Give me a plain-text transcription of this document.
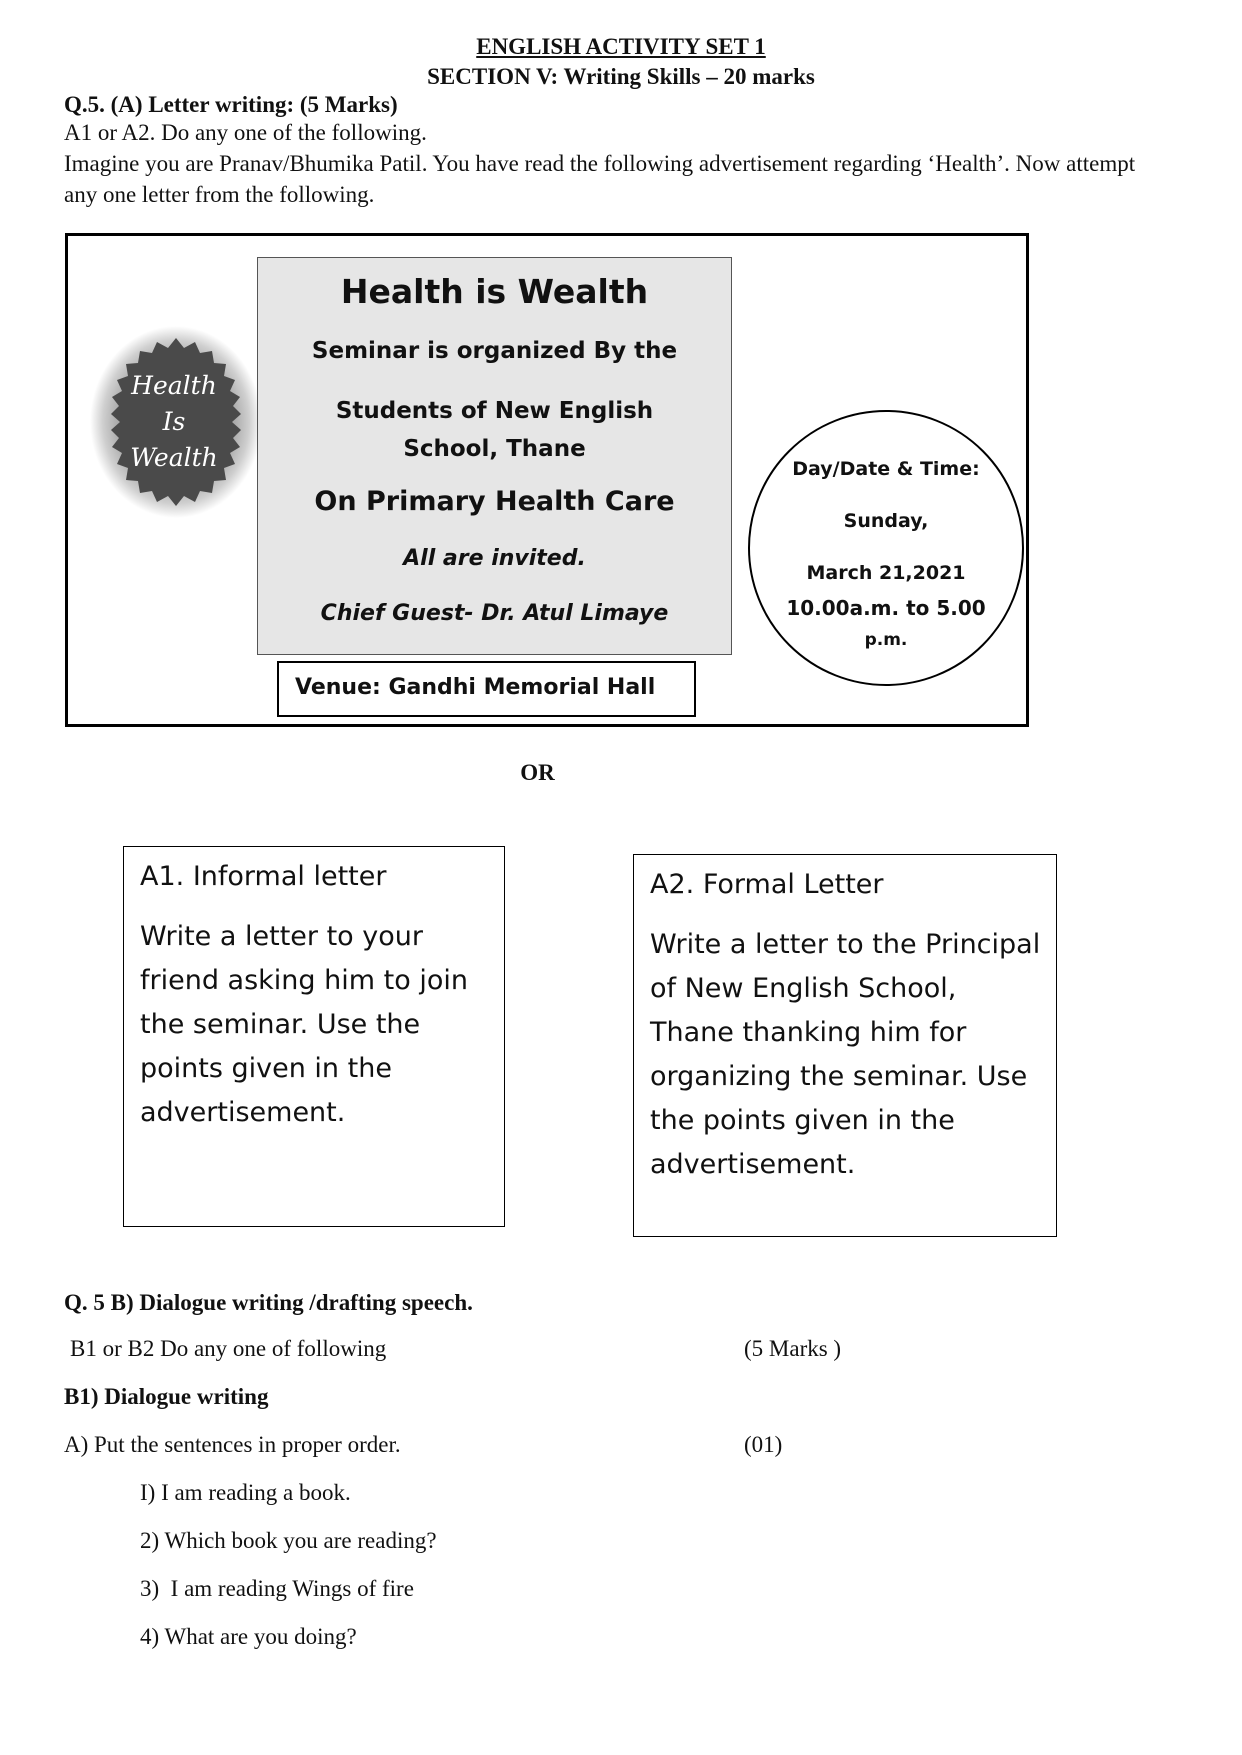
ENGLISH ACTIVITY SET 1
SECTION V: Writing Skills – 20 marks
Q.5. (A) Letter writing: (5 Marks)
A1 or A2. Do any one of the following.
Imagine you are Pranav/Bhumika Patil. You have read the following advertisement regarding ‘Health’. Now attempt any one letter from the following.
Health
Is
Wealth
Health is Wealth
Seminar is organized By the
Students of New English School, Thane
On Primary Health Care
All are invited.
Chief Guest- Dr. Atul Limaye
Venue: Gandhi Memorial Hall
Day/Date & Time:
Sunday,
March 21,2021
10.00a.m. to 5.00
p.m.
OR
A1. Informal letter
Write a letter to your friend asking him to join the seminar. Use the points given in the advertisement.
A2. Formal Letter
Write a letter to the Principal of New English School, Thane thanking him for organizing the seminar. Use the points given in the advertisement.
Q. 5 B) Dialogue writing /drafting speech.
B1 or B2 Do any one of following	(5 Marks )
B1) Dialogue writing
A) Put the sentences in proper order.	(01)
I) I am reading a book.
2) Which book you are reading?
3)  I am reading Wings of fire
4) What are you doing?
